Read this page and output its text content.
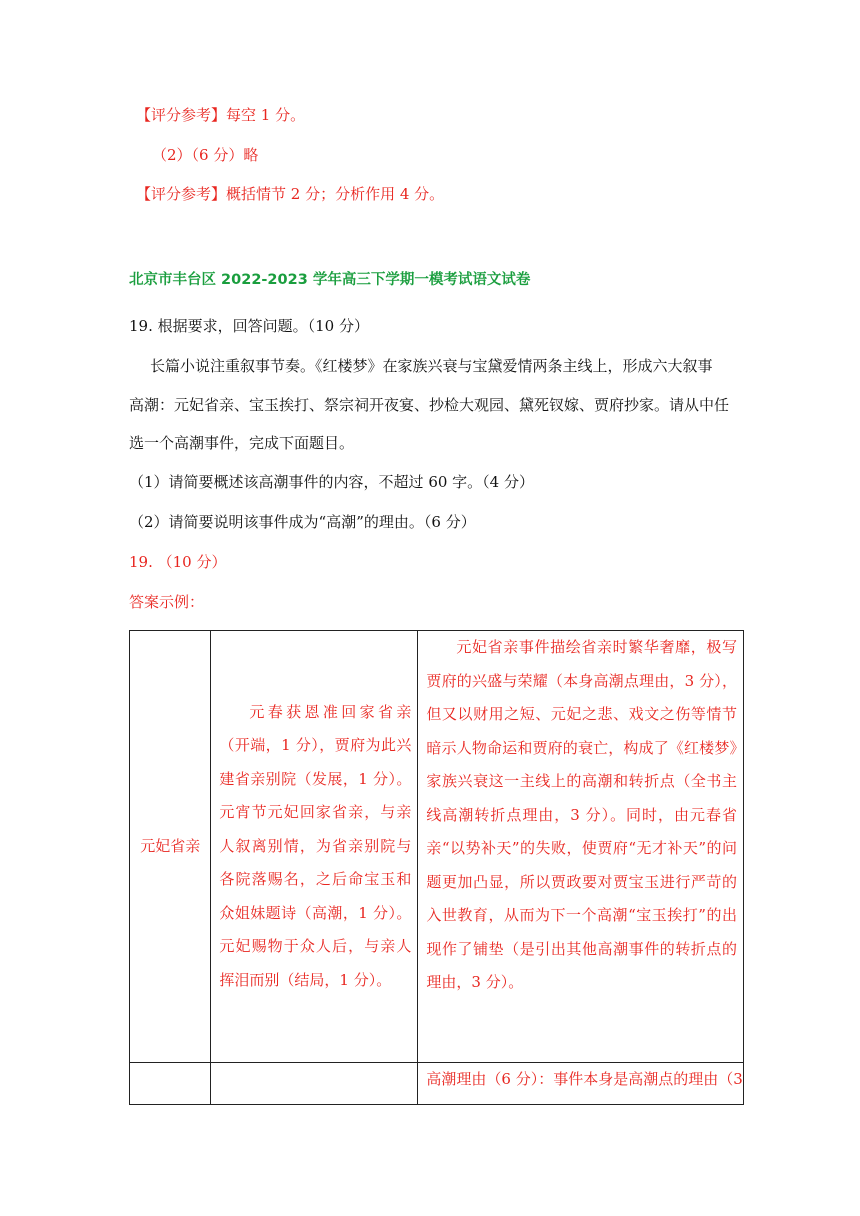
【评分参考】每空 1 分。
（2）（6 分）略
【评分参考】概括情节 2 分；分析作用 4 分。
北京市丰台区 2022-2023 学年高三下学期一模考试语文试卷
19. 根据要求，回答问题。（10 分）
长篇小说注重叙事节奏。《红楼梦》在家族兴衰与宝黛爱情两条主线上，形成六大叙事
高潮：元妃省亲、宝玉挨打、祭宗祠开夜宴、抄检大观园、黛死钗嫁、贾府抄家。请从中任
选一个高潮事件，完成下面题目。
（1）请简要概述该高潮事件的内容，不超过 60 字。（4 分）
（2）请简要说明该事件成为“高潮”的理由。（6 分）
19. （10 分）
答案示例：
元妃省亲	元春获恩准回家省亲（开端，1 分），贾府为此兴建省亲别院（发展，1 分）。元宵节元妃回家省亲，与亲人叙离别情，为省亲别院与各院落赐名，之后命宝玉和众姐妹题诗（高潮，1 分）。元妃赐物于众人后，与亲人挥泪而别（结局，1 分）。	元妃省亲事件描绘省亲时繁华奢靡，极写贾府的兴盛与荣耀（本身高潮点理由，3 分），但又以财用之短、元妃之悲、戏文之伤等情节暗示人物命运和贾府的衰亡，构成了《红楼梦》家族兴衰这一主线上的高潮和转折点（全书主线高潮转折点理由，3 分）。同时，由元春省亲“以势补天”的失败，使贾府“无才补天”的问题更加凸显，所以贾政要对贾宝玉进行严苛的入世教育，从而为下一个高潮“宝玉挨打”的出现作了铺垫（是引出其他高潮事件的转折点的理由，3 分）。

		高潮理由（6 分）：事件本身是高潮点的理由（3
